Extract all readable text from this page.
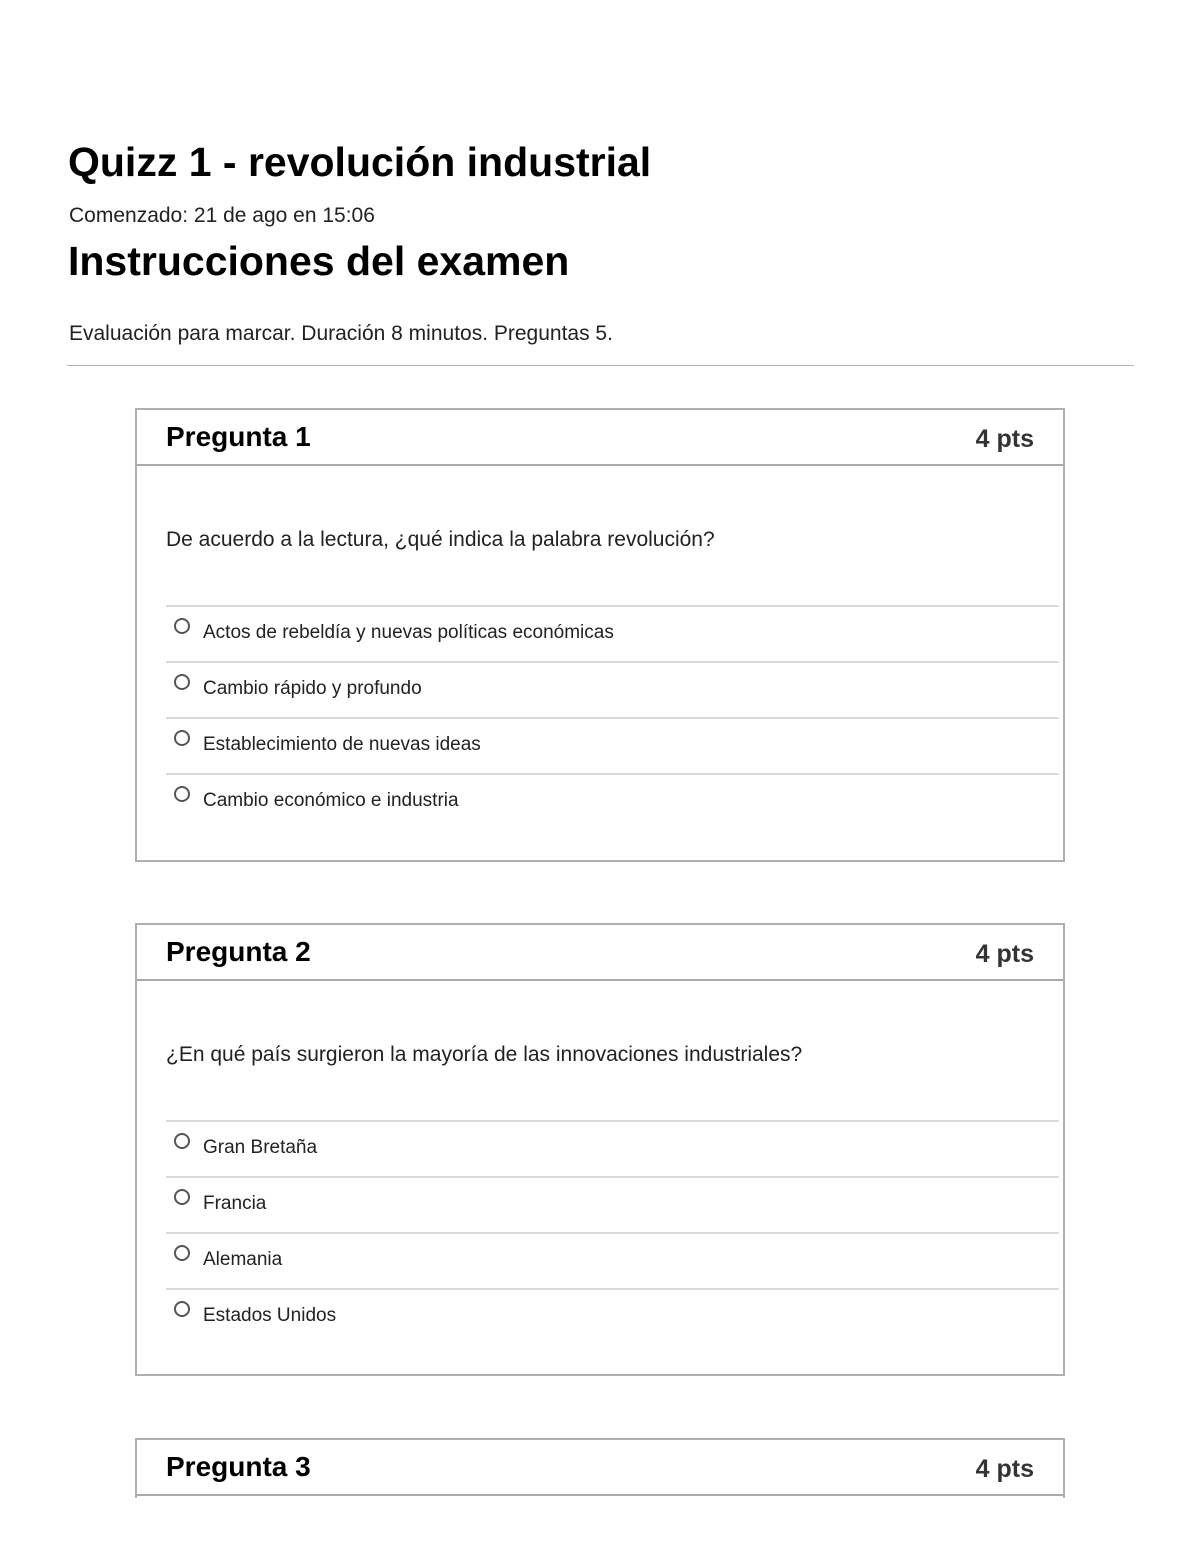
Quizz 1 - revolución industrial
Comenzado: 21 de ago en 15:06
Instrucciones del examen
Evaluación para marcar. Duración 8 minutos. Preguntas 5.
Pregunta 1	4 pts
De acuerdo a la lectura, ¿qué indica la palabra revolución?
Actos de rebeldía y nuevas políticas económicas
Cambio rápido y profundo
Establecimiento de nuevas ideas
Cambio económico e industria
Pregunta 2	4 pts
¿En qué país surgieron la mayoría de las innovaciones industriales?
Gran Bretaña
Francia
Alemania
Estados Unidos
Pregunta 3	4 pts
